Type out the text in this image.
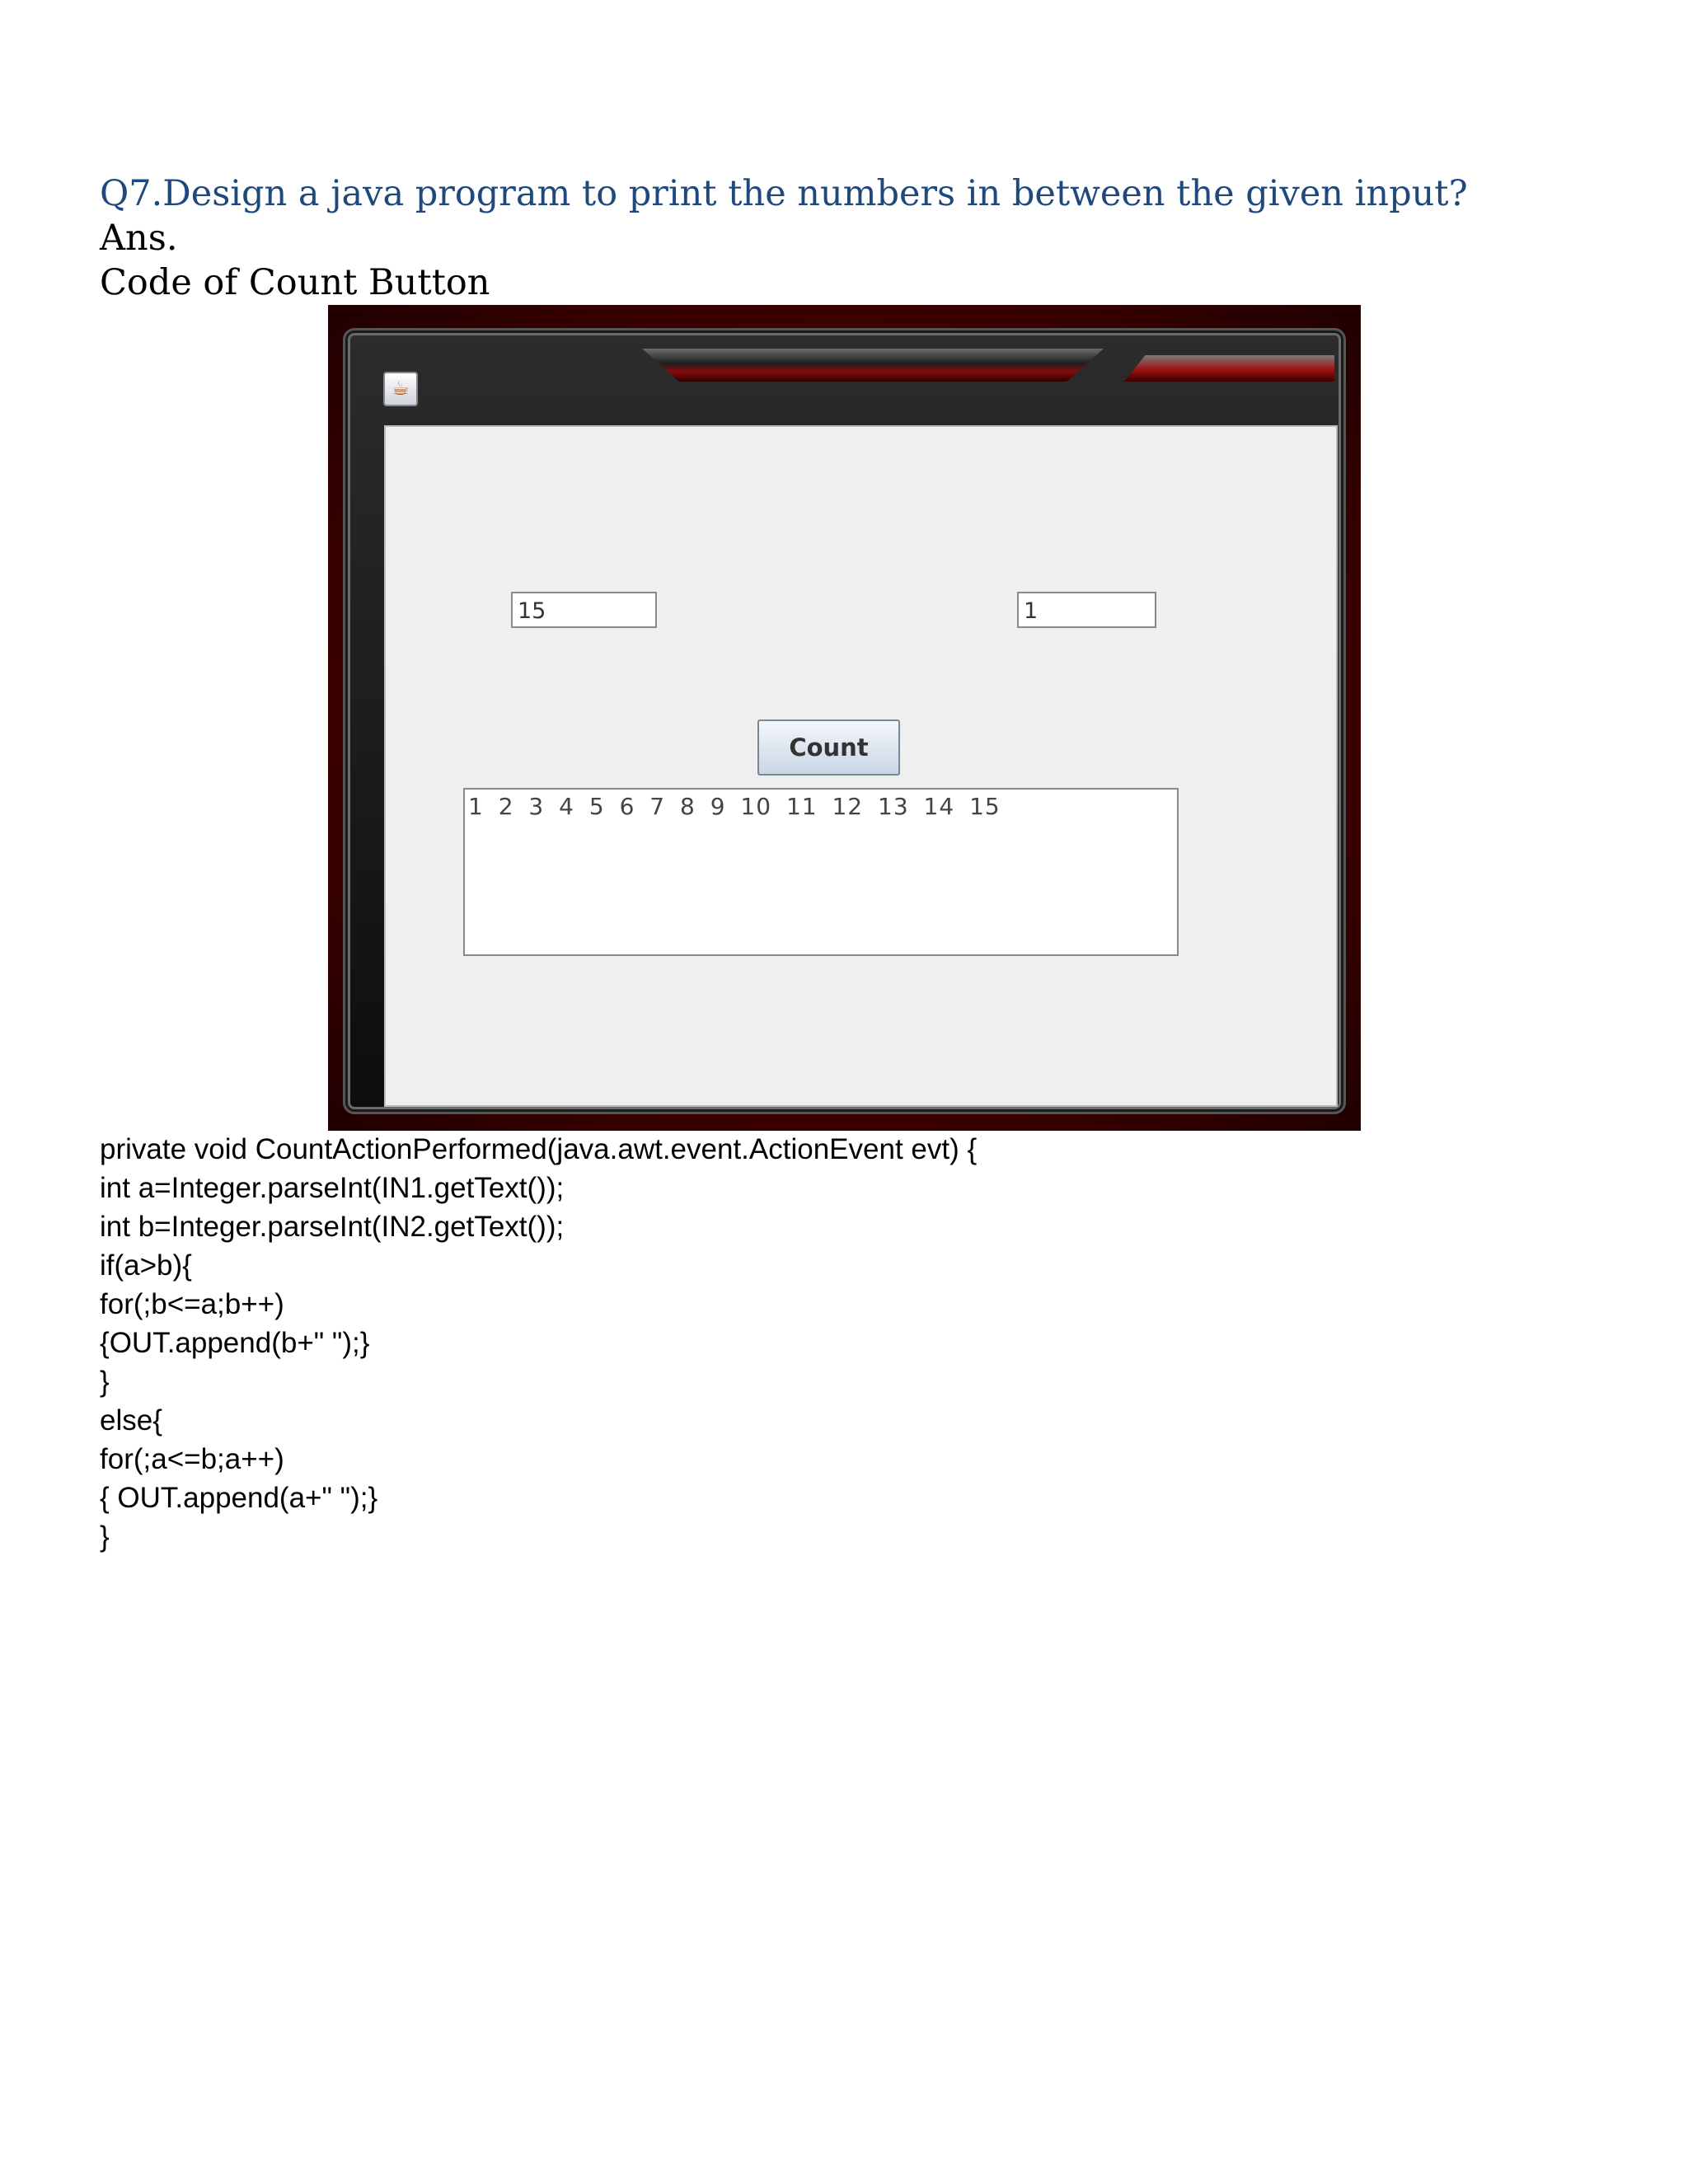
Q7.Design a java program to print the numbers in between the given input?
Ans.
Code of Count Button
☕
15	1
Count
1 2 3 4 5 6 7 8 9 10 11 12 13 14 15
private void CountActionPerformed(java.awt.event.ActionEvent evt) {
int a=Integer.parseInt(IN1.getText());
int b=Integer.parseInt(IN2.getText());
if(a>b){
for(;b<=a;b++)
{OUT.append(b+" ");}
}
else{
for(;a<=b;a++)
{ OUT.append(a+" ");}
}
